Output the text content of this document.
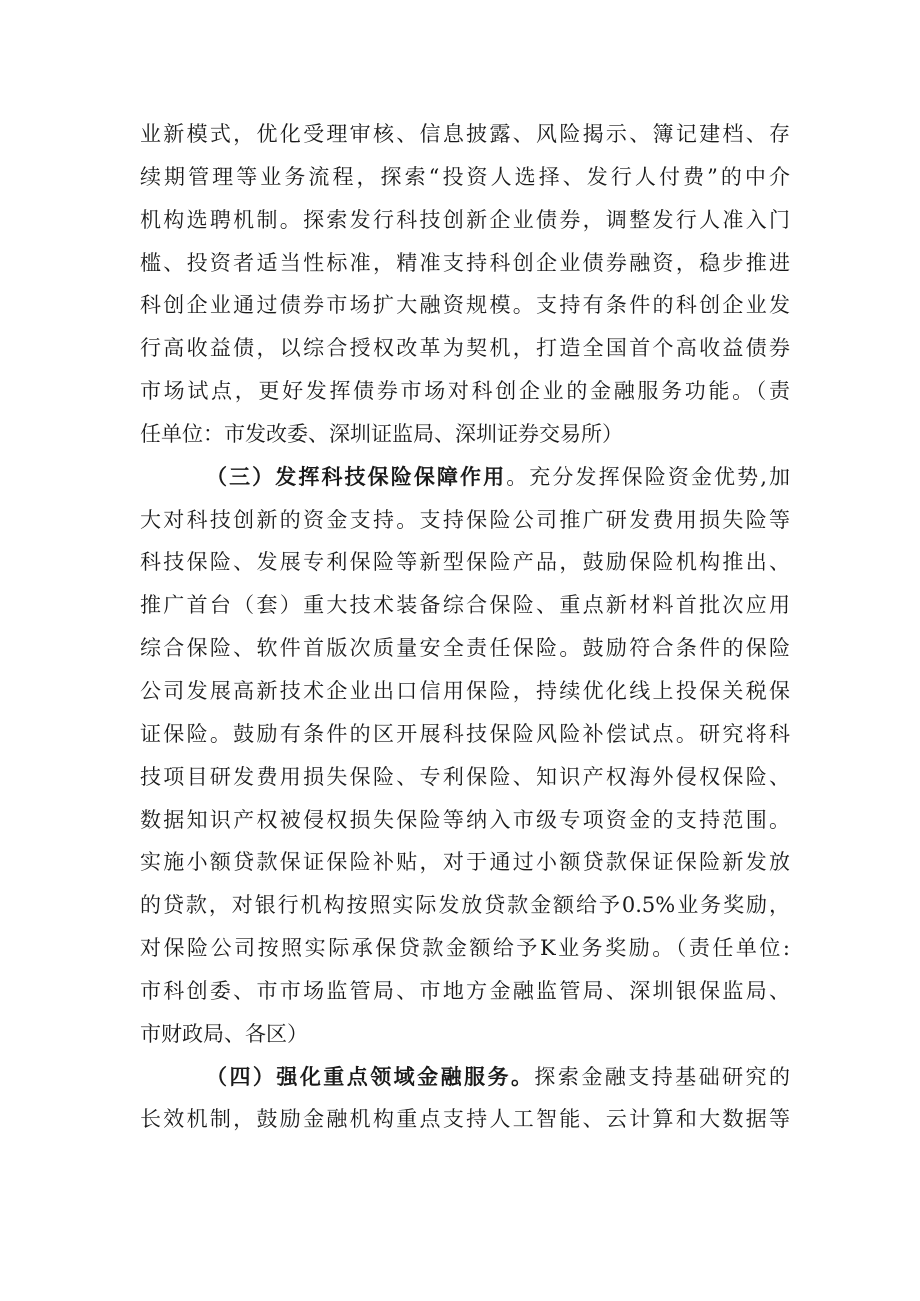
业新模式，优化受理审核、信息披露、风险揭示、簿记建档、存
续期管理等业务流程，探索“投资人选择、发行人付费”的中介
机构选聘机制。探索发行科技创新企业债券，调整发行人准入门
槛、投资者适当性标准，精准支持科创企业债券融资，稳步推进
科创企业通过债券市场扩大融资规模。支持有条件的科创企业发
行高收益债，以综合授权改革为契机，打造全国首个高收益债券
市场试点，更好发挥债券市场对科创企业的金融服务功能。（责
任单位：市发改委、深圳证监局、深圳证券交易所）
（三）发挥科技保险保障作用。充分发挥保险资金优势,加
大对科技创新的资金支持。支持保险公司推广研发费用损失险等
科技保险、发展专利保险等新型保险产品，鼓励保险机构推出、
推广首台（套）重大技术装备综合保险、重点新材料首批次应用
综合保险、软件首版次质量安全责任保险。鼓励符合条件的保险
公司发展高新技术企业出口信用保险，持续优化线上投保关税保
证保险。鼓励有条件的区开展科技保险风险补偿试点。研究将科
技项目研发费用损失保险、专利保险、知识产权海外侵权保险、
数据知识产权被侵权损失保险等纳入市级专项资金的支持范围。
实施小额贷款保证保险补贴，对于通过小额贷款保证保险新发放
的贷款，对银行机构按照实际发放贷款金额给予0.5%业务奖励，
对保险公司按照实际承保贷款金额给予K业务奖励。（责任单位:
市科创委、市市场监管局、市地方金融监管局、深圳银保监局、
市财政局、各区）
（四）强化重点领域金融服务。探索金融支持基础研究的
长效机制，鼓励金融机构重点支持人工智能、云计算和大数据等
